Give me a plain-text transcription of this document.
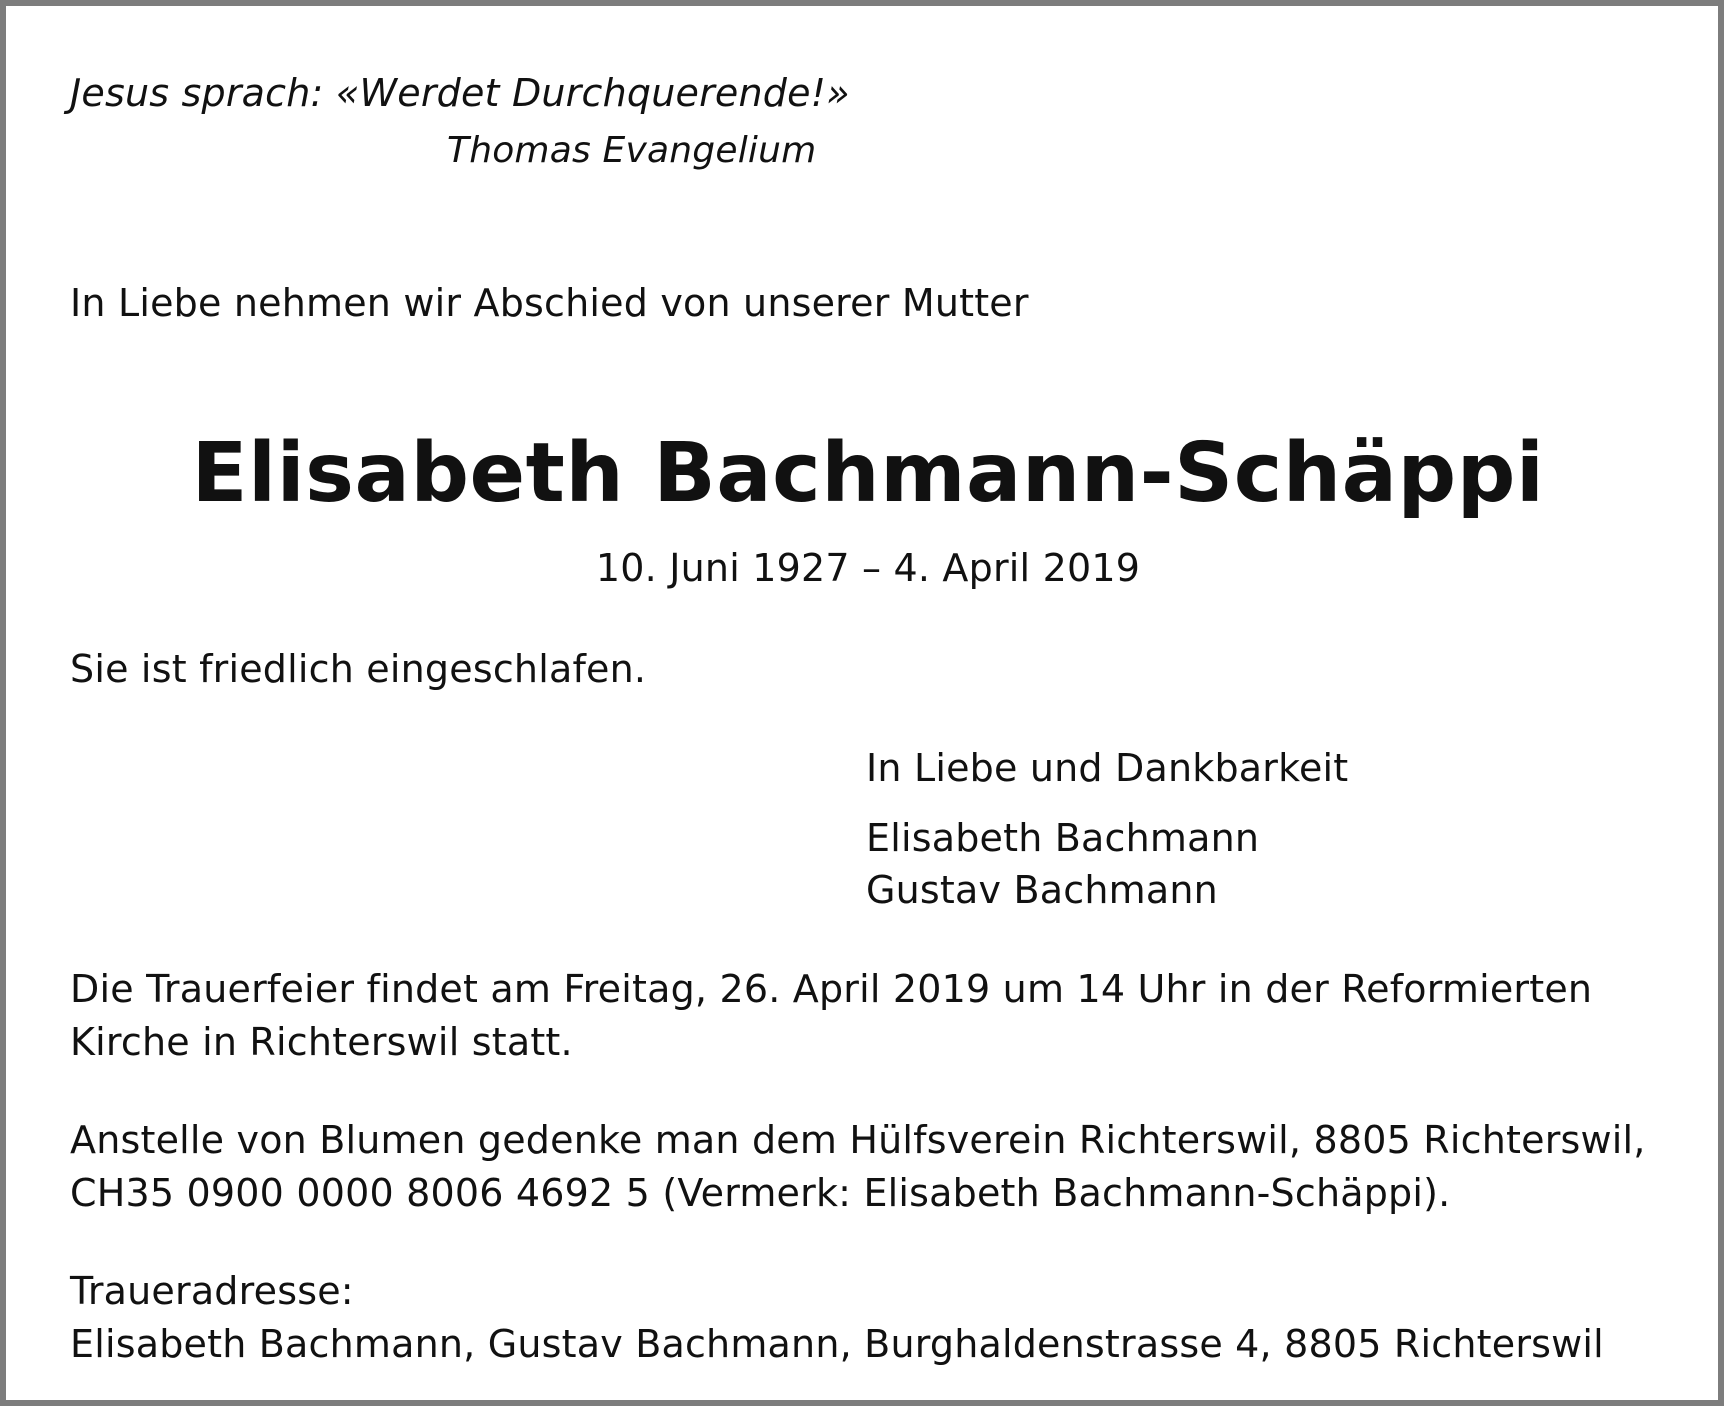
Jesus sprach: «Werdet Durchquerende!»

Thomas Evangelium

In Liebe nehmen wir Abschied von unserer Mutter

Elisabeth Bachmann-Schäppi

10. Juni 1927 – 4. April 2019

Sie ist friedlich eingeschlafen.

In Liebe und Dankbarkeit

Elisabeth Bachmann

Gustav Bachmann

Die Trauerfeier findet am Freitag, 26. April 2019 um 14 Uhr in der Reformierten

Kirche in Richterswil statt.

Anstelle von Blumen gedenke man dem Hülfsverein Richterswil, 8805 Richterswil,

CH35 0900 0000 8006 4692 5 (Vermerk: Elisabeth Bachmann-Schäppi).

Traueradresse:

Elisabeth Bachmann, Gustav Bachmann, Burghaldenstrasse 4, 8805 Richterswil
